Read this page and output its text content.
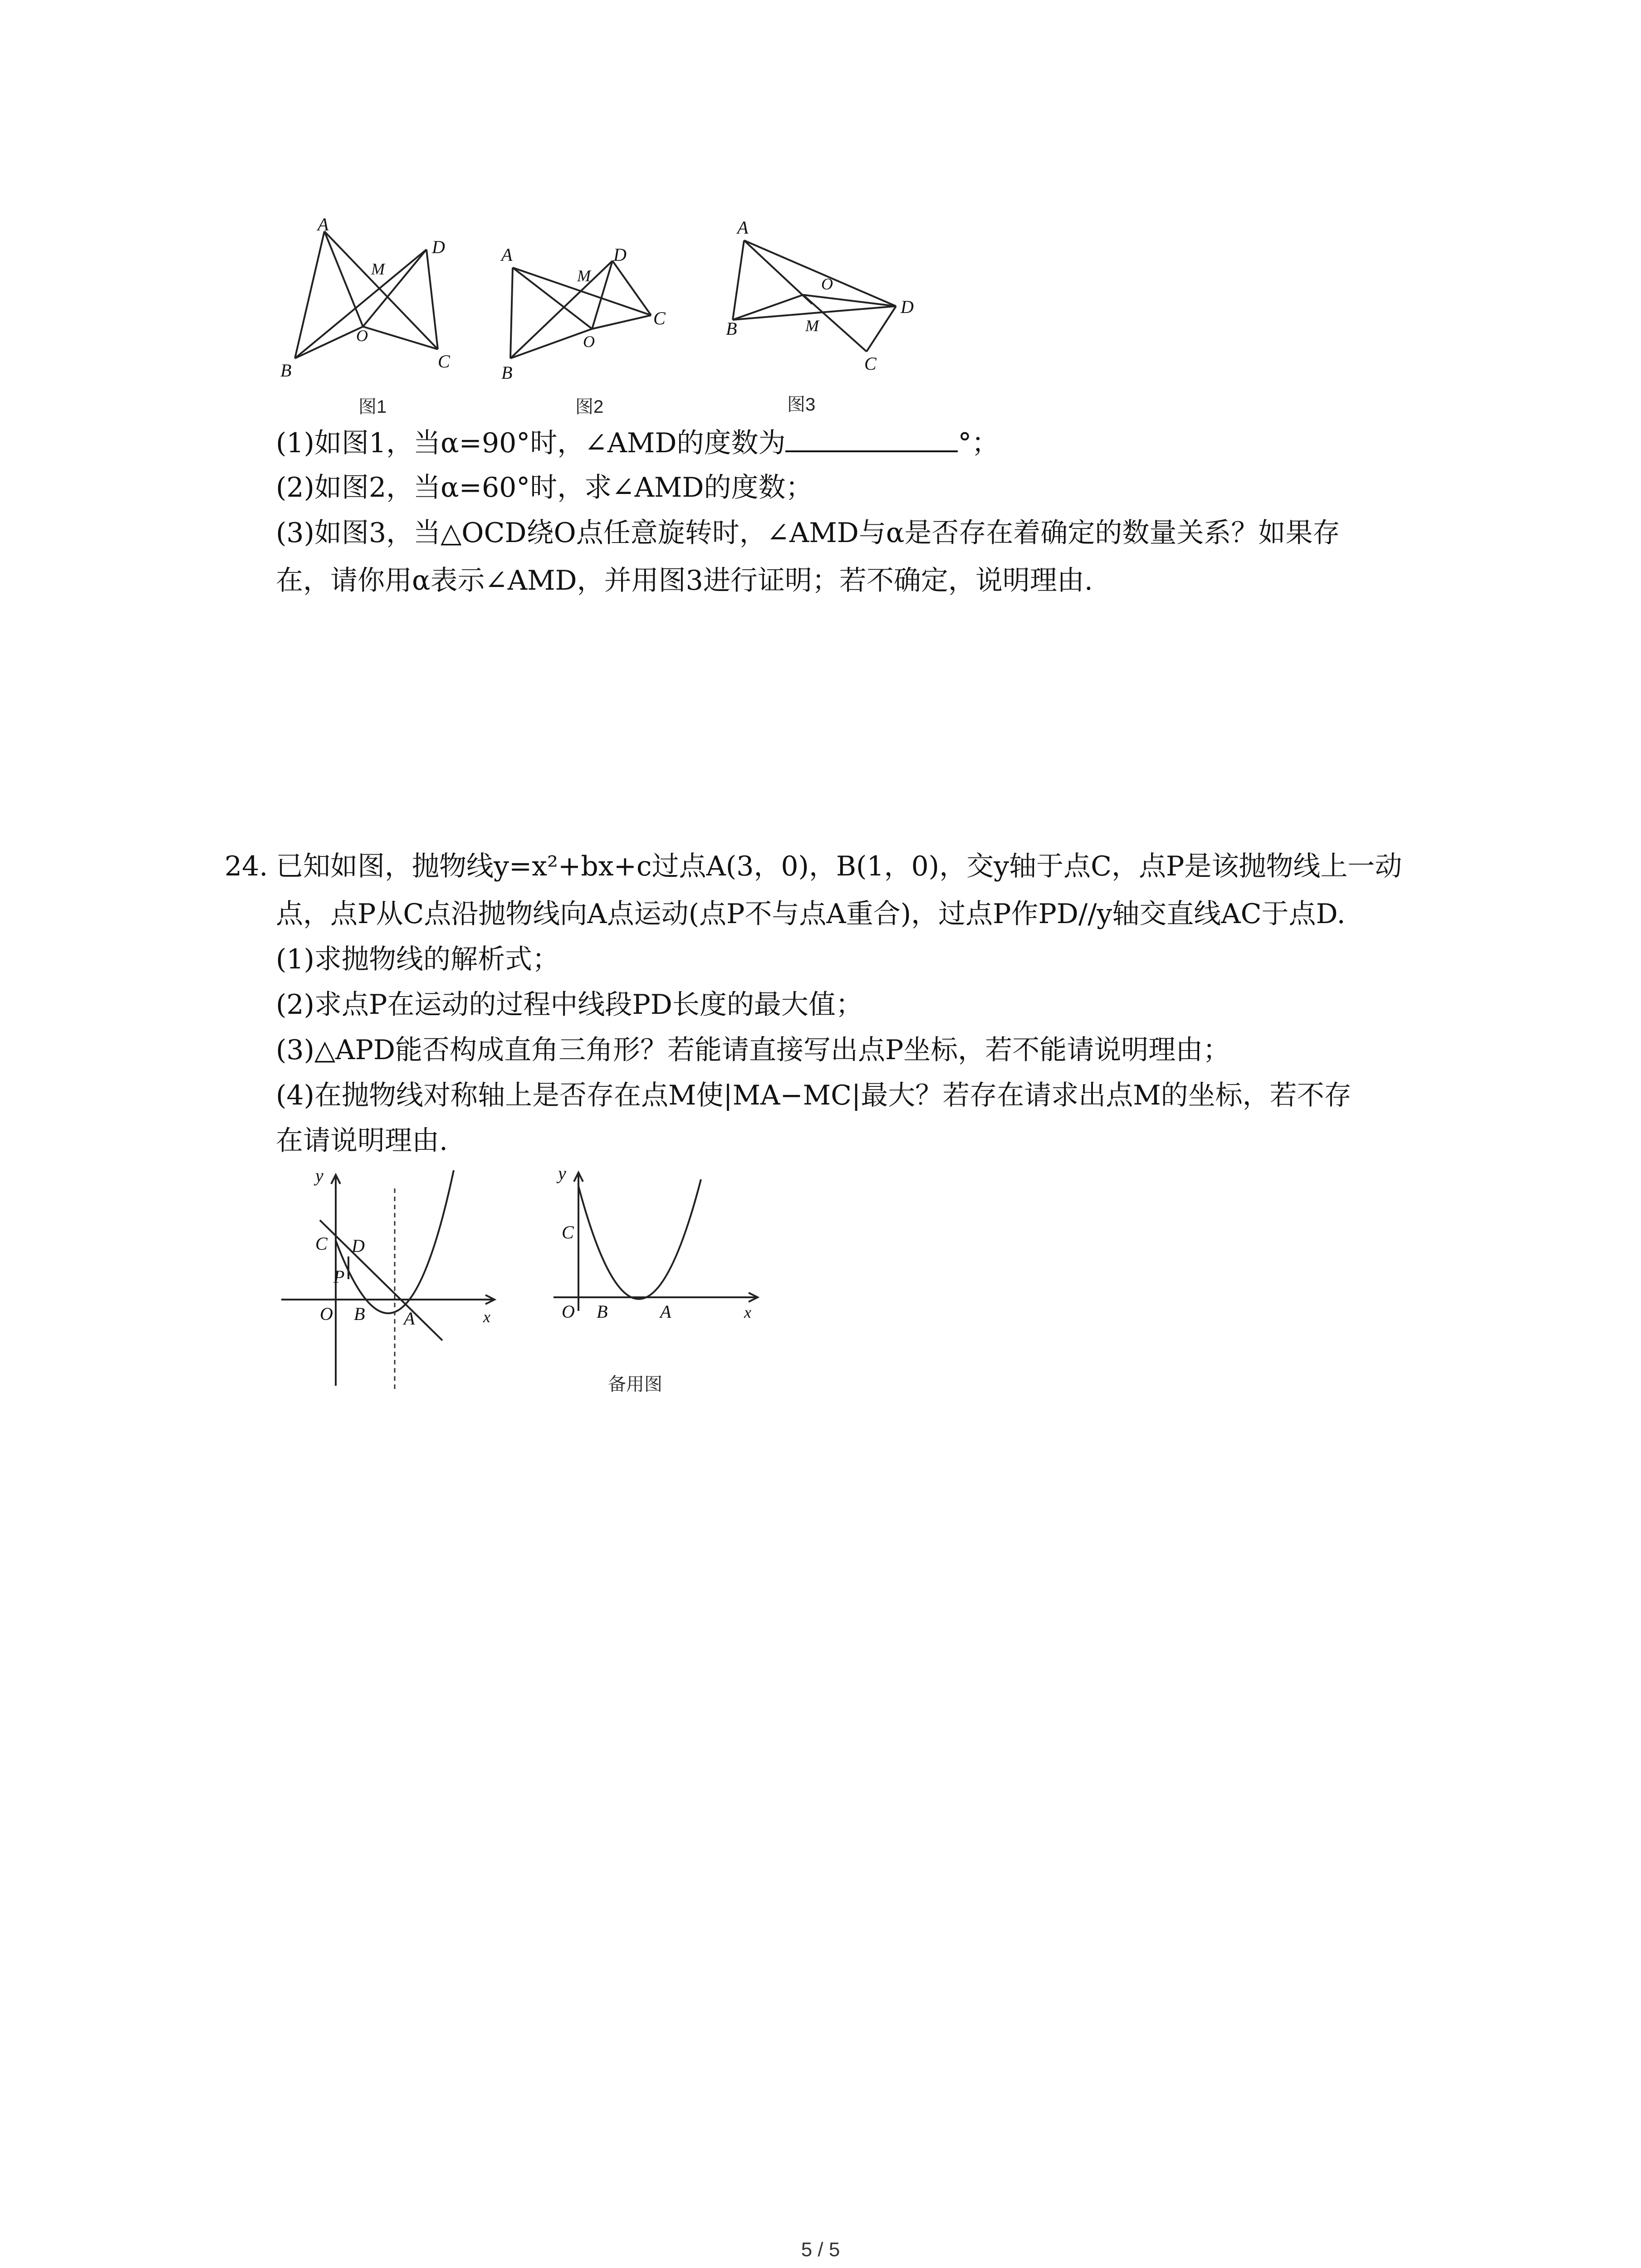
A
D
M
O
B	C
图1
A
M
D
C
O
B
图2
A
O
D
B	M
C
图3
(1)如图1，当α=90°时，∠AMD的度数为	°；
(2)如图2，当α=60°时，求∠AMD的度数；
(3)如图3，当△OCD绕O点任意旋转时，∠AMD与α是否存在着确定的数量关系？如果存
在，请你用α表示∠AMD，并用图3进行证明；若不确定，说明理由.
24. 已知如图，抛物线y=x²+bx+c过点A(3，0)，B(1，0)，交y轴于点C，点P是该抛物线上一动
点，点P从C点沿抛物线向A点运动(点P不与点A重合)，过点P作PD//y轴交直线AC于点D.
(1)求抛物线的解析式；
(2)求点P在运动的过程中线段PD长度的最大值；
(3)△APD能否构成直角三角形？若能请直接写出点P坐标，若不能请说明理由；
(4)在抛物线对称轴上是否存在点M使|MA−MC|最大？若存在请求出点M的坐标，若不存
在请说明理由.
y
C D
P
O B A	x
y
C
O B	A	x
备用图
5 / 5
